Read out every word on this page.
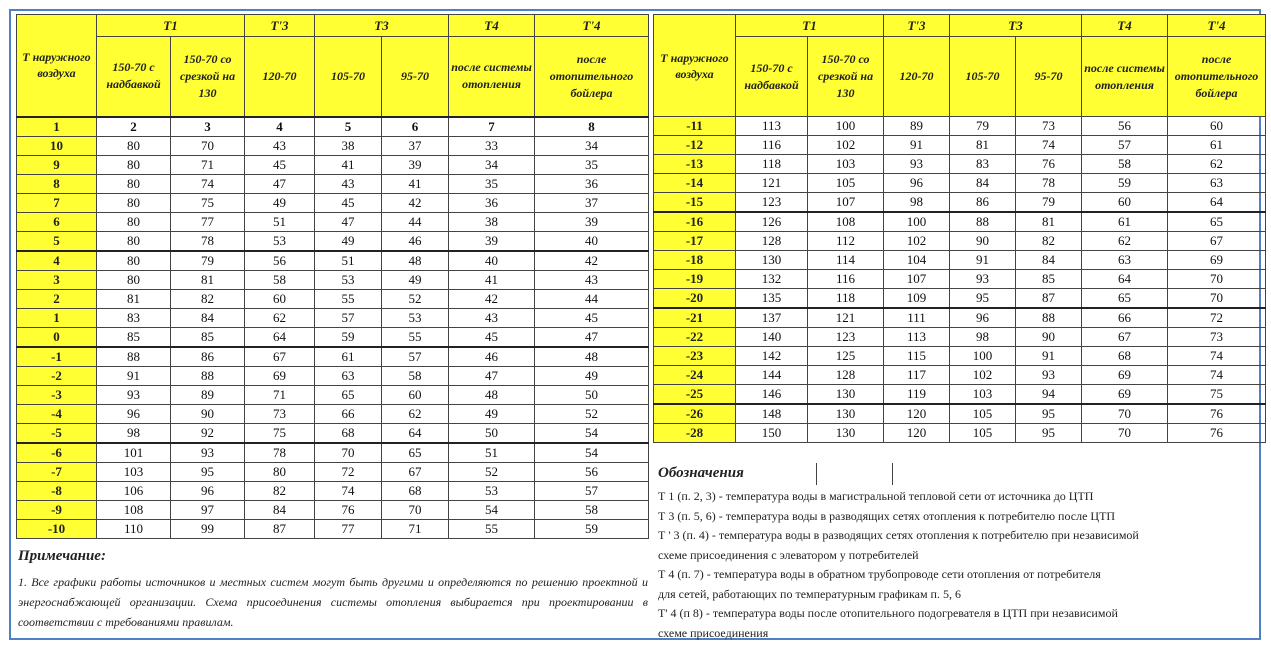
Т наружного воздуха	Т1		Т'3	Т3		Т4	Т'4
	150-70 с надбавкой	150-70 со срезкой на 130	120-70	105-70	95-70	после системы отопления	после отопительного бойлера
1	2	3	4	5	6	7	8
10	80	70	43	38	37	33	34
9	80	71	45	41	39	34	35
8	80	74	47	43	41	35	36
7	80	75	49	45	42	36	37
6	80	77	51	47	44	38	39
5	80	78	53	49	46	39	40
4	80	79	56	51	48	40	42
3	80	81	58	53	49	41	43
2	81	82	60	55	52	42	44
1	83	84	62	57	53	43	45
0	85	85	64	59	55	45	47
-1	88	86	67	61	57	46	48
-2	91	88	69	63	58	47	49
-3	93	89	71	65	60	48	50
-4	96	90	73	66	62	49	52
-5	98	92	75	68	64	50	54
-6	101	93	78	70	65	51	54
-7	103	95	80	72	67	52	56
-8	106	96	82	74	68	53	57
-9	108	97	84	76	70	54	58
-10	110	99	87	77	71	55	59
Примечание:
1. Все графики работы источников и местных систем могут быть другими и определяются по решению проектной и энергоснабжающей организации. Схема присоединения системы отопления выбирается при проектировании в соответствии с требованиями правилам.
Т наружного воздуха	Т1		Т'3	Т3		Т4	Т'4
	150-70 с надбавкой	150-70 со срезкой на 130	120-70	105-70	95-70	после системы отопления	после отопительного бойлера
-11	113	100	89	79	73	56	60
-12	116	102	91	81	74	57	61
-13	118	103	93	83	76	58	62
-14	121	105	96	84	78	59	63
-15	123	107	98	86	79	60	64
-16	126	108	100	88	81	61	65
-17	128	112	102	90	82	62	67
-18	130	114	104	91	84	63	69
-19	132	116	107	93	85	64	70
-20	135	118	109	95	87	65	70
-21	137	121	111	96	88	66	72
-22	140	123	113	98	90	67	73
-23	142	125	115	100	91	68	74
-24	144	128	117	102	93	69	74
-25	146	130	119	103	94	69	75
-26	148	130	120	105	95	70	76
-28	150	130	120	105	95	70	76
Обозначения
Т 1 (п. 2, 3) - температура воды в магистральной тепловой сети от источника до ЦТП
Т 3 (п. 5, 6) - температура воды в разводящих сетях отопления к потребителю после ЦТП
Т ' 3 (п. 4) - температура воды в разводящих сетях отопления к потребителю при независимой
схеме присоединения с элеватором у потребителей
Т 4 (п. 7) - температура воды в обратном трубопроводе сети отопления от потребителя
для сетей, работающих по температурным графикам п. 5, 6
Т' 4 (п 8) - температура воды после отопительного подогревателя в ЦТП при независимой
схеме присоединения
